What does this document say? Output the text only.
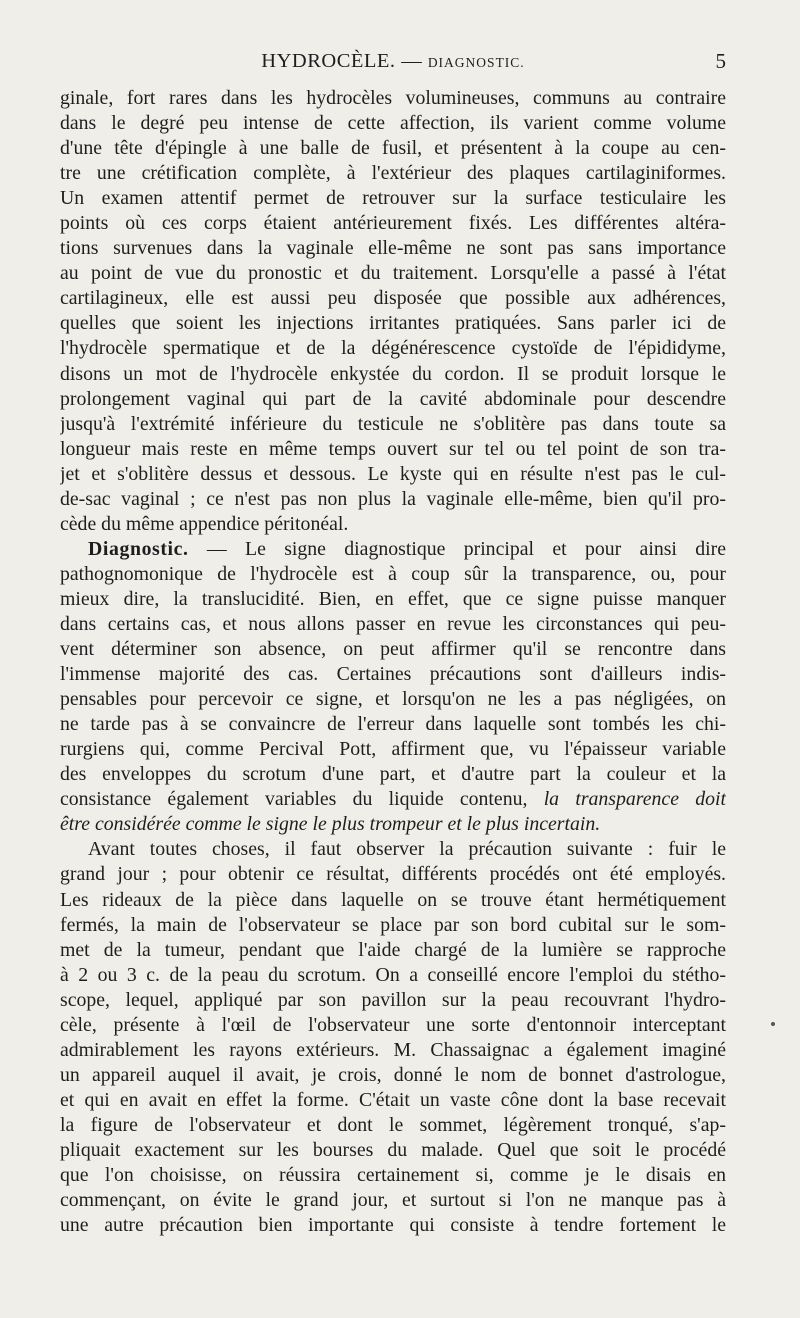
HYDROCÈLE. — DIAGNOSTIC.	5
ginale, fort rares dans les hydrocèles volumineuses, communs au contraire
dans le degré peu intense de cette affection, ils varient comme volume
d'une tête d'épingle à une balle de fusil, et présentent à la coupe au cen-
tre une crétification complète, à l'extérieur des plaques cartilaginiformes.
Un examen attentif permet de retrouver sur la surface testiculaire les
points où ces corps étaient antérieurement fixés. Les différentes altéra-
tions survenues dans la vaginale elle-même ne sont pas sans importance
au point de vue du pronostic et du traitement. Lorsqu'elle a passé à l'état
cartilagineux, elle est aussi peu disposée que possible aux adhérences,
quelles que soient les injections irritantes pratiquées. Sans parler ici de
l'hydrocèle spermatique et de la dégénérescence cystoïde de l'épididyme,
disons un mot de l'hydrocèle enkystée du cordon. Il se produit lorsque le
prolongement vaginal qui part de la cavité abdominale pour descendre
jusqu'à l'extrémité inférieure du testicule ne s'oblitère pas dans toute sa
longueur mais reste en même temps ouvert sur tel ou tel point de son tra-
jet et s'oblitère dessus et dessous. Le kyste qui en résulte n'est pas le cul-
de-sac vaginal ; ce n'est pas non plus la vaginale elle-même, bien qu'il pro-
cède du même appendice péritonéal.
Diagnostic. — Le signe diagnostique principal et pour ainsi dire
pathognomonique de l'hydrocèle est à coup sûr la transparence, ou, pour
mieux dire, la translucidité. Bien, en effet, que ce signe puisse manquer
dans certains cas, et nous allons passer en revue les circonstances qui peu-
vent déterminer son absence, on peut affirmer qu'il se rencontre dans
l'immense majorité des cas. Certaines précautions sont d'ailleurs indis-
pensables pour percevoir ce signe, et lorsqu'on ne les a pas négligées, on
ne tarde pas à se convaincre de l'erreur dans laquelle sont tombés les chi-
rurgiens qui, comme Percival Pott, affirment que, vu l'épaisseur variable
des enveloppes du scrotum d'une part, et d'autre part la couleur et la
consistance également variables du liquide contenu, la transparence doit
être considérée comme le signe le plus trompeur et le plus incertain.
Avant toutes choses, il faut observer la précaution suivante : fuir le
grand jour ; pour obtenir ce résultat, différents procédés ont été employés.
Les rideaux de la pièce dans laquelle on se trouve étant hermétiquement
fermés, la main de l'observateur se place par son bord cubital sur le som-
met de la tumeur, pendant que l'aide chargé de la lumière se rapproche
à 2 ou 3 c. de la peau du scrotum. On a conseillé encore l'emploi du stétho-
scope, lequel, appliqué par son pavillon sur la peau recouvrant l'hydro-
cèle, présente à l'œil de l'observateur une sorte d'entonnoir interceptant
admirablement les rayons extérieurs. M. Chassaignac a également imaginé
un appareil auquel il avait, je crois, donné le nom de bonnet d'astrologue,
et qui en avait en effet la forme. C'était un vaste cône dont la base recevait
la figure de l'observateur et dont le sommet, légèrement tronqué, s'ap-
pliquait exactement sur les bourses du malade. Quel que soit le procédé
que l'on choisisse, on réussira certainement si, comme je le disais en
commençant, on évite le grand jour, et surtout si l'on ne manque pas à
une autre précaution bien importante qui consiste à tendre fortement le
